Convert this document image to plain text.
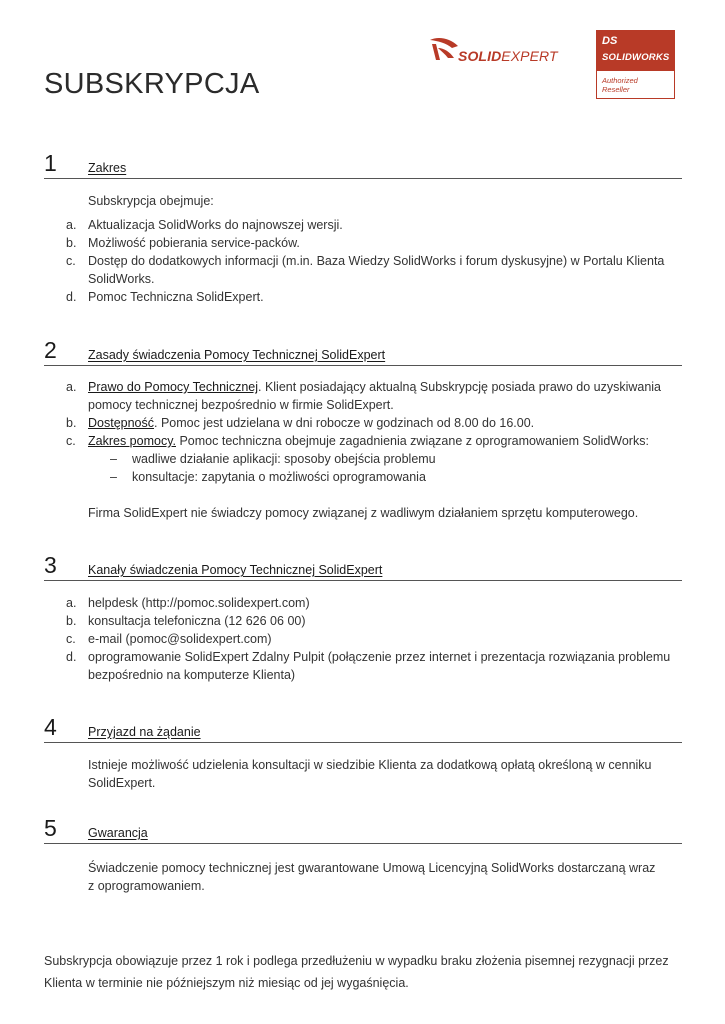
SUBSKRYPCJA
SOLIDEXPERT
DS
SOLIDWORKS
Authorized
Reseller
1 Zakres
Subskrypcja obejmuje:
a. Aktualizacja SolidWorks do najnowszej wersji.
b. Możliwość pobierania service-packów.
c. Dostęp do dodatkowych informacji (m.in. Baza Wiedzy SolidWorks i forum dyskusyjne) w Portalu Klienta SolidWorks.
d. Pomoc Techniczna SolidExpert.
2 Zasady świadczenia Pomocy Technicznej SolidExpert
a. Prawo do Pomocy Technicznej. Klient posiadający aktualną Subskrypcję posiada prawo do uzyskiwania pomocy technicznej bezpośrednio w firmie SolidExpert.
b. Dostępność. Pomoc jest udzielana w dni robocze w godzinach od 8.00 do 16.00.
c. Zakres pomocy. Pomoc techniczna obejmuje zagadnienia związane z oprogramowaniem SolidWorks:
– wadliwe działanie aplikacji: sposoby obejścia problemu
– konsultacje: zapytania o możliwości oprogramowania
Firma SolidExpert nie świadczy pomocy związanej z wadliwym działaniem sprzętu komputerowego.
3 Kanały świadczenia Pomocy Technicznej SolidExpert
a. helpdesk (http://pomoc.solidexpert.com)
b. konsultacja telefoniczna (12 626 06 00)
c. e-mail (pomoc@solidexpert.com)
d. oprogramowanie SolidExpert Zdalny Pulpit (połączenie przez internet i prezentacja rozwiązania problemu bezpośrednio na komputerze Klienta)
4 Przyjazd na żądanie
Istnieje możliwość udzielenia konsultacji w siedzibie Klienta za dodatkową opłatą określoną w cenniku SolidExpert.
5 Gwarancja
Świadczenie pomocy technicznej jest gwarantowane Umową Licencyjną SolidWorks dostarczaną wraz
z oprogramowaniem.
Subskrypcja obowiązuje przez 1 rok i podlega przedłużeniu w wypadku braku złożenia pisemnej rezygnacji przez Klienta w terminie nie późniejszym niż miesiąc od jej wygaśnięcia.
